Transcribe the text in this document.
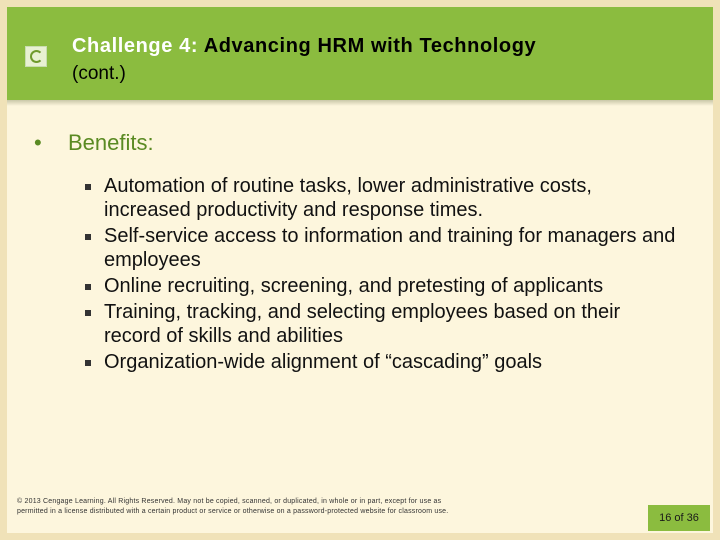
Challenge 4: Advancing HRM with Technology
(cont.)
• Benefits:
Automation of routine tasks, lower administrative costs, increased productivity and response times.
Self-service access to information and training for managers and employees
Online recruiting, screening, and pretesting of applicants
Training, tracking, and selecting employees based on their record of skills and abilities
Organization-wide alignment of “cascading” goals
© 2013 Cengage Learning. All Rights Reserved. May not be copied, scanned, or duplicated, in whole or in part, except for use as
permitted in a license distributed with a certain product or service or otherwise on a password-protected website for classroom use.
16 of 36
